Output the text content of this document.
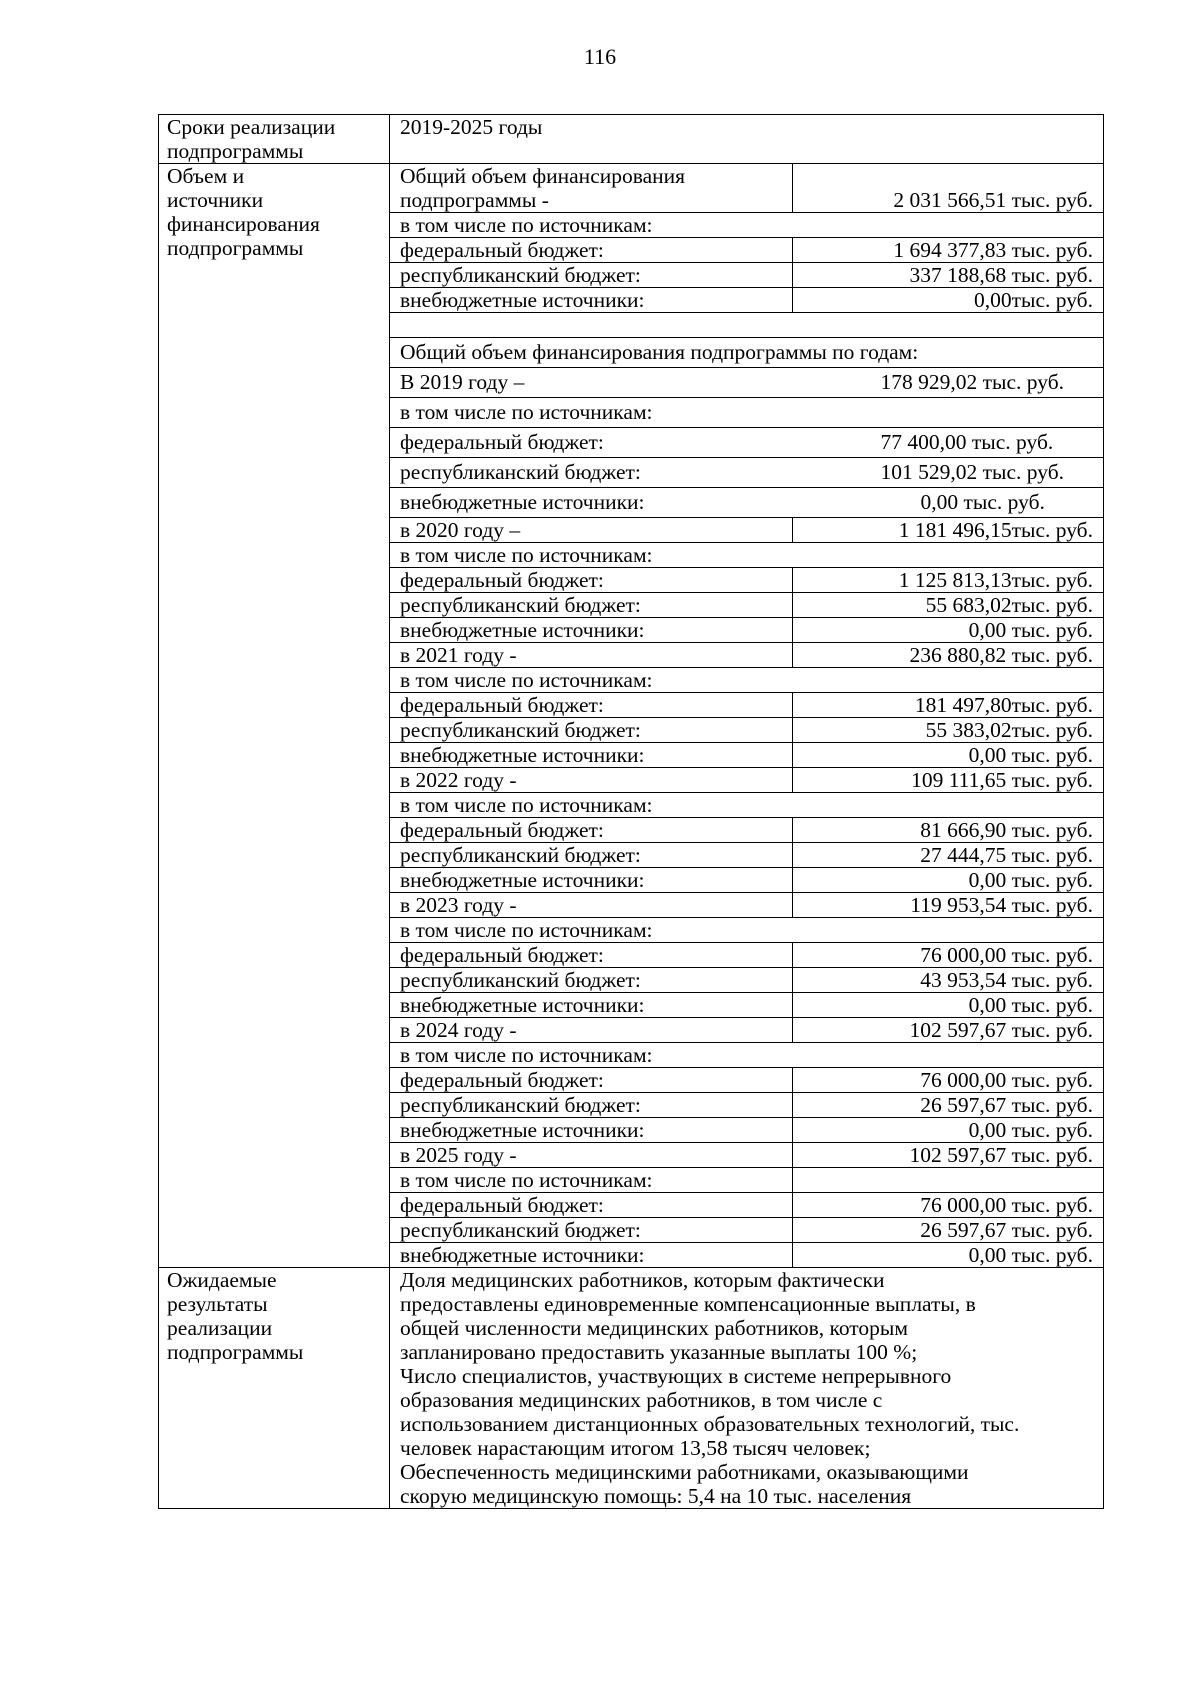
116
Сроки реализации
подпрограммы

2019-2025 годы

Объем и
источники
финансирования
подпрограммы

Общий объем финансирования
подпрограммы -	2 031 566,51 тыс. руб.
в том числе по источникам:
федеральный бюджет:	1 694 377,83 тыс. руб.
республиканский бюджет:	337 188,68 тыс. руб.
внебюджетные источники:	0,00тыс. руб.

Общий объем финансирования подпрограммы по годам:
В 2019 году –	178 929,02 тыс. руб.
в том числе по источникам:
федеральный бюджет:	77 400,00 тыс. руб.
республиканский бюджет:	101 529,02 тыс. руб.
внебюджетные источники:	0,00 тыс. руб.
в 2020 году –	1 181 496,15тыс. руб.
в том числе по источникам:
федеральный бюджет:	1 125 813,13тыс. руб.
республиканский бюджет:	55 683,02тыс. руб.
внебюджетные источники:	0,00 тыс. руб.
в 2021 году -	236 880,82 тыс. руб.
в том числе по источникам:
федеральный бюджет:	181 497,80тыс. руб.
республиканский бюджет:	55 383,02тыс. руб.
внебюджетные источники:	0,00 тыс. руб.
в 2022 году -	109 111,65 тыс. руб.
в том числе по источникам:
федеральный бюджет:	81 666,90 тыс. руб.
республиканский бюджет:	27 444,75 тыс. руб.
внебюджетные источники:	0,00 тыс. руб.
в 2023 году -	119 953,54 тыс. руб.
в том числе по источникам:
федеральный бюджет:	76 000,00 тыс. руб.
республиканский бюджет:	43 953,54 тыс. руб.
внебюджетные источники:	0,00 тыс. руб.
в 2024 году -	102 597,67 тыс. руб.
в том числе по источникам:
федеральный бюджет:	76 000,00 тыс. руб.
республиканский бюджет:	26 597,67 тыс. руб.
внебюджетные источники:	0,00 тыс. руб.
в 2025 году -	102 597,67 тыс. руб.
в том числе по источникам:	
федеральный бюджет:	76 000,00 тыс. руб.
республиканский бюджет:	26 597,67 тыс. руб.
внебюджетные источники:	0,00 тыс. руб.

Ожидаемые
результаты
реализации
подпрограммы

Доля медицинских работников, которым фактически
предоставлены единовременные компенсационные выплаты, в
общей численности медицинских работников, которым
запланировано предоставить указанные выплаты 100 %;
Число специалистов, участвующих в системе непрерывного
образования медицинских работников, в том числе с
использованием дистанционных образовательных технологий, тыс.
человек нарастающим итогом 13,58 тысяч человек;
Обеспеченность медицинскими работниками, оказывающими
скорую медицинскую помощь: 5,4 на 10 тыс. населения
